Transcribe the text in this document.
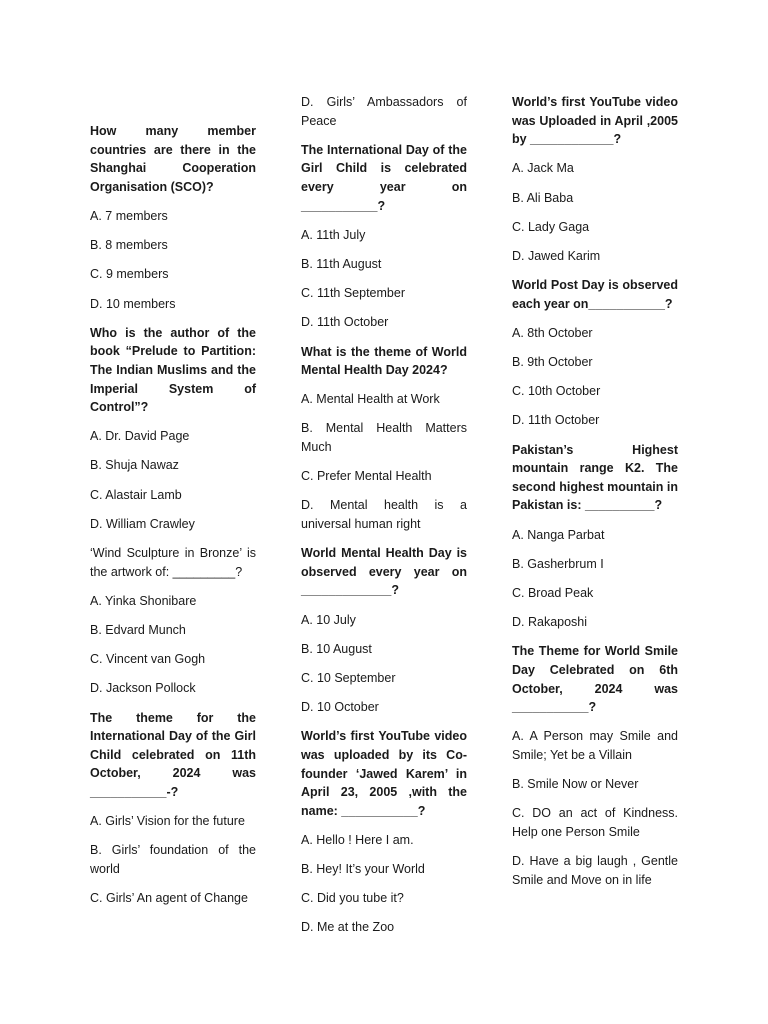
How many member countries are there in the Shanghai Cooperation Organisation (SCO)?

A. 7 members

B. 8 members

C. 9 members

D. 10 members

Who is the author of the book “Prelude to Partition: The Indian Muslims and the Imperial System of Control”?

A. Dr. David Page

B. Shuja Nawaz

C. Alastair Lamb

D. William Crawley

‘Wind Sculpture in Bronze’ is the artwork of: _________?

A. Yinka Shonibare

B. Edvard Munch

C. Vincent van Gogh

D. Jackson Pollock

The theme for the International Day of the Girl Child celebrated on 11th October, 2024 was ___________-?

A. Girls’ Vision for the future

B. Girls’ foundation of the world

C. Girls’ An agent of Change

D. Girls’ Ambassadors of Peace

The International Day of the Girl Child is celebrated every year on ___________?

A. 11th July

B. 11th August

C. 11th September

D. 11th October

What is the theme of World Mental Health Day 2024?

A. Mental Health at Work

B. Mental Health Matters Much

C. Prefer Mental Health

D. Mental health is a universal human right

World Mental Health Day is observed every year on _____________?

A. 10 July

B. 10 August

C. 10 September

D. 10 October

World’s first YouTube video was uploaded by its Co-founder ‘Jawed Karem’ in April 23, 2005 ,with the name: ___________?

A. Hello ! Here I am.

B. Hey! It’s your World

C. Did you tube it?

D. Me at the Zoo

World’s first YouTube video was Uploaded in April ,2005 by ____________?

A. Jack Ma

B. Ali Baba

C. Lady Gaga

D. Jawed Karim

World Post Day is observed each year on___________?

A. 8th October

B. 9th October

C. 10th October

D. 11th October

Pakistan’s Highest mountain range K2. The second highest mountain in Pakistan is: __________?

A. Nanga Parbat

B. Gasherbrum I

C. Broad Peak

D. Rakaposhi

The Theme for World Smile Day Celebrated on 6th October, 2024 was ___________?

A. A Person may Smile and Smile; Yet be a Villain

B. Smile Now or Never

C. DO an act of Kindness. Help one Person Smile

D. Have a big laugh , Gentle Smile and Move on in life
